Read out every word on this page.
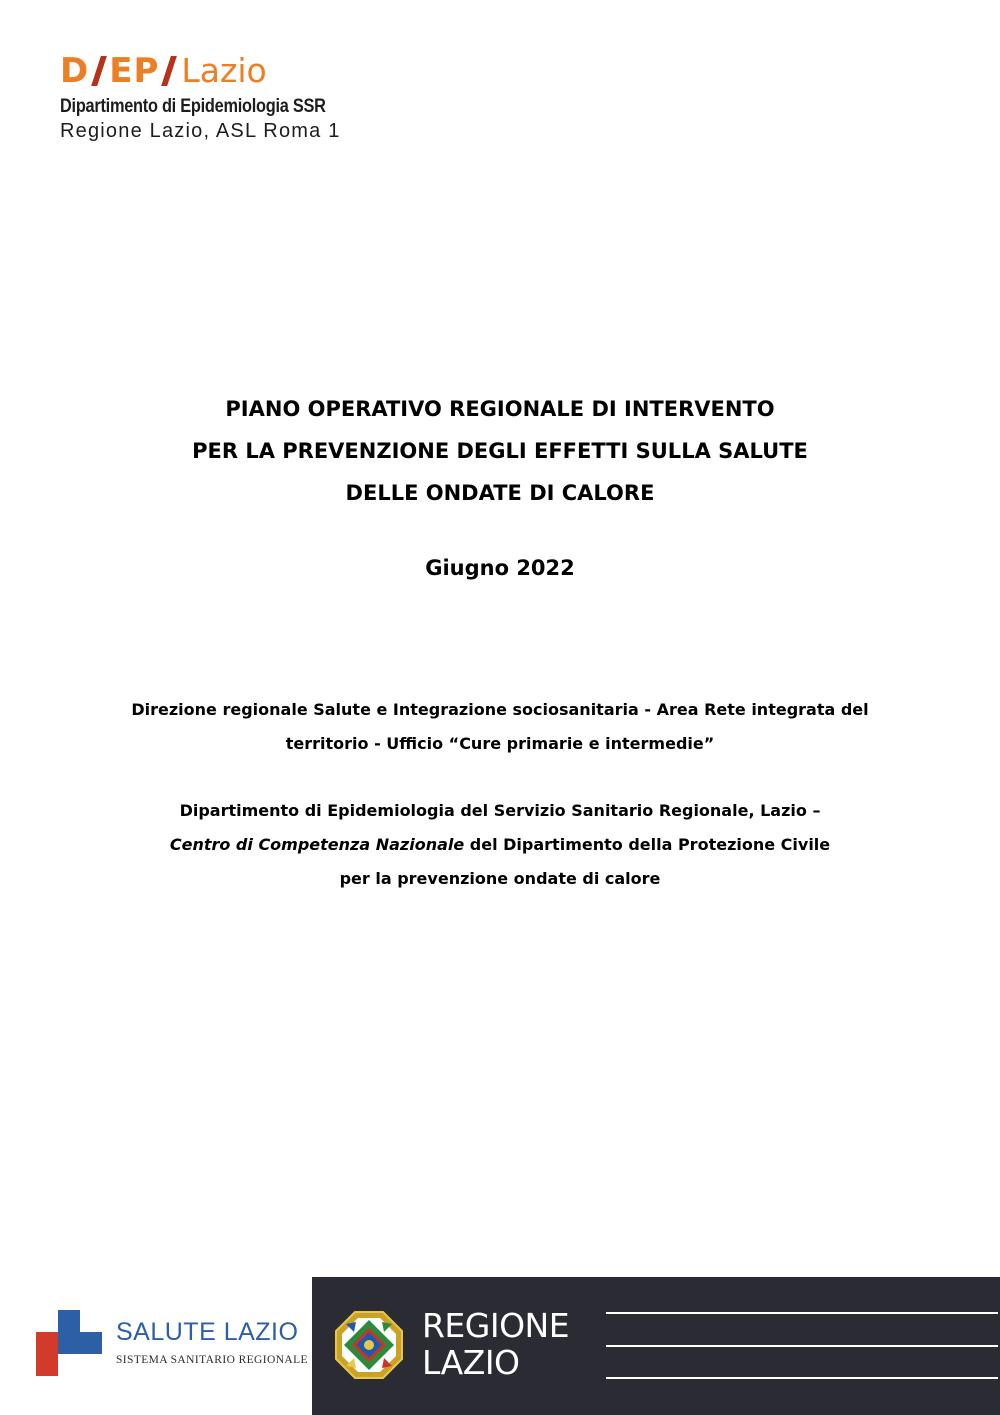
D EP Lazio
Dipartimento di Epidemiologia SSR
Regione Lazio, ASL Roma 1
PIANO OPERATIVO REGIONALE DI INTERVENTO
PER LA PREVENZIONE DEGLI EFFETTI SULLA SALUTE
DELLE ONDATE DI CALORE
Giugno 2022
Direzione regionale Salute e Integrazione sociosanitaria - Area Rete integrata del
territorio - Ufficio “Cure primarie e intermedie”
Dipartimento di Epidemiologia del Servizio Sanitario Regionale, Lazio –
Centro di Competenza Nazionale del Dipartimento della Protezione Civile
per la prevenzione ondate di calore
SALUTE LAZIO
SISTEMA SANITARIO REGIONALE
REGIONE
LAZIO
